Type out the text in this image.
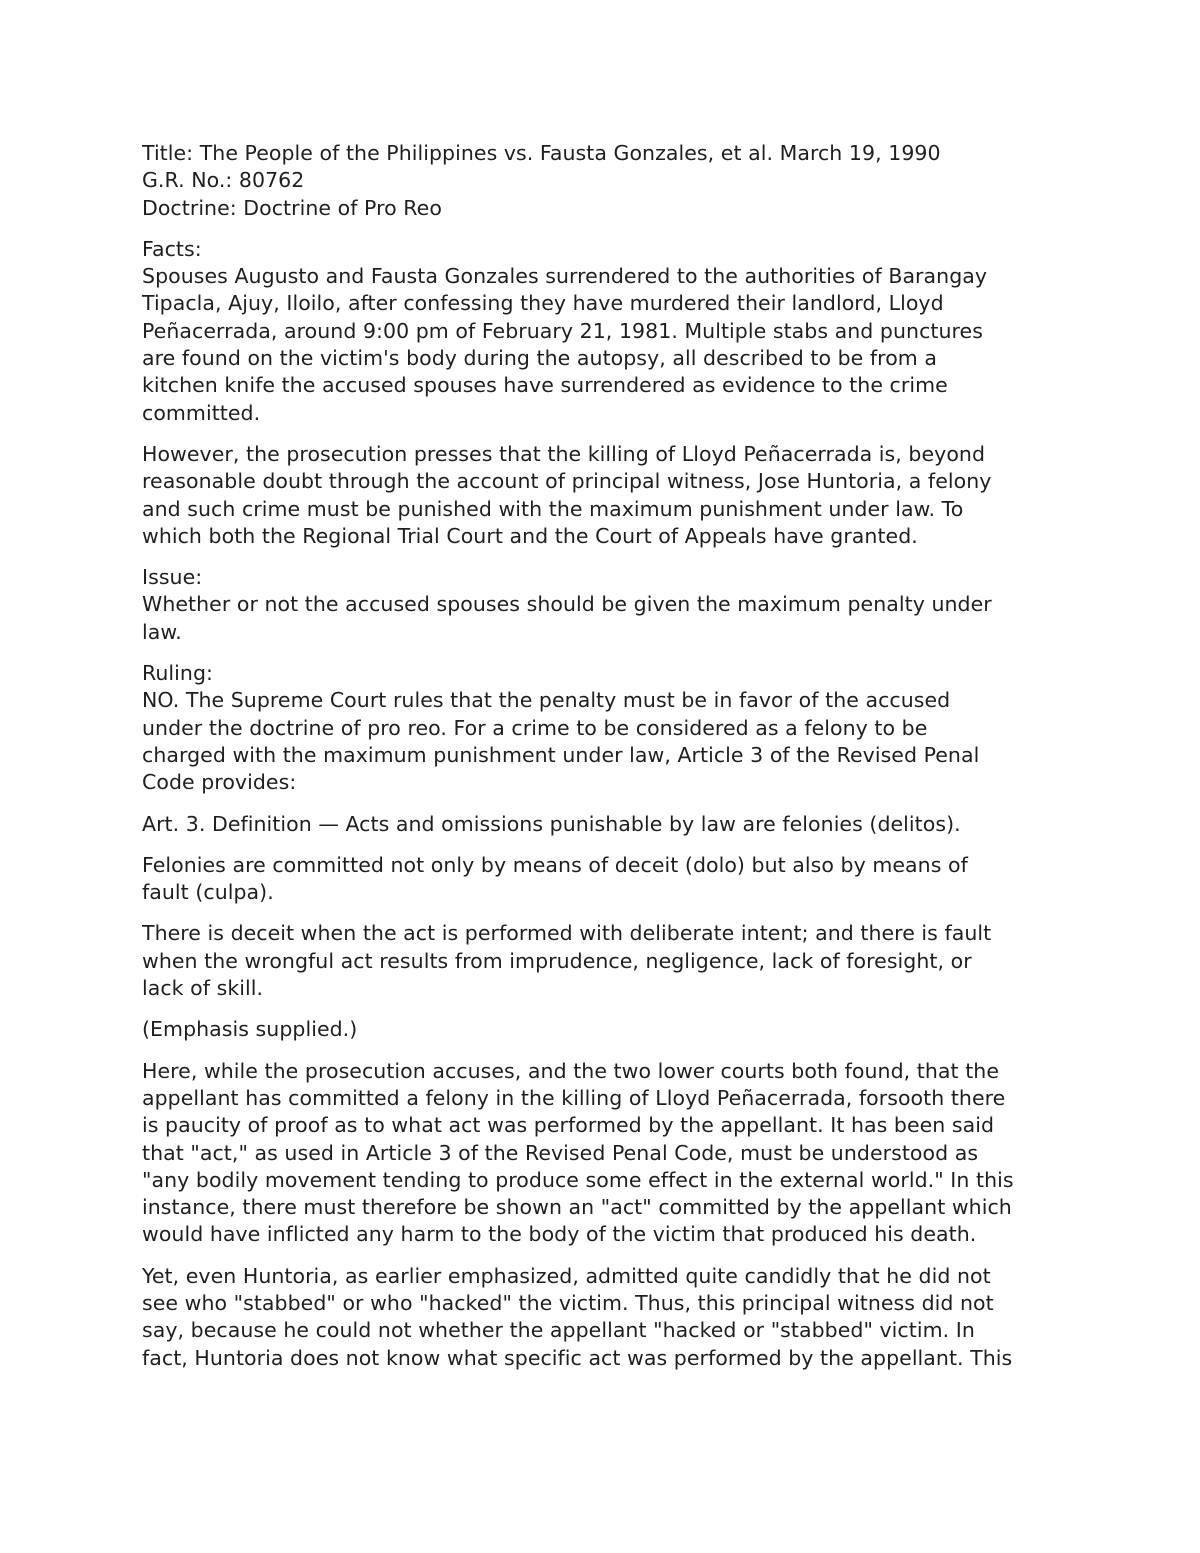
Title: The People of the Philippines vs. Fausta Gonzales, et al. March 19, 1990
G.R. No.: 80762
Doctrine: Doctrine of Pro Reo
Facts:
Spouses Augusto and Fausta Gonzales surrendered to the authorities of Barangay
Tipacla, Ajuy, Iloilo, after confessing they have murdered their landlord, Lloyd
Peñacerrada, around 9:00 pm of February 21, 1981. Multiple stabs and punctures
are found on the victim's body during the autopsy, all described to be from a
kitchen knife the accused spouses have surrendered as evidence to the crime
committed.
However, the prosecution presses that the killing of Lloyd Peñacerrada is, beyond
reasonable doubt through the account of principal witness, Jose Huntoria, a felony
and such crime must be punished with the maximum punishment under law. To
which both the Regional Trial Court and the Court of Appeals have granted.
Issue:
Whether or not the accused spouses should be given the maximum penalty under
law.
Ruling:
NO. The Supreme Court rules that the penalty must be in favor of the accused
under the doctrine of pro reo. For a crime to be considered as a felony to be
charged with the maximum punishment under law, Article 3 of the Revised Penal
Code provides:
Art. 3. Definition — Acts and omissions punishable by law are felonies (delitos).
Felonies are committed not only by means of deceit (dolo) but also by means of
fault (culpa).
There is deceit when the act is performed with deliberate intent; and there is fault
when the wrongful act results from imprudence, negligence, lack of foresight, or
lack of skill.
(Emphasis supplied.)
Here, while the prosecution accuses, and the two lower courts both found, that the
appellant has committed a felony in the killing of Lloyd Peñacerrada, forsooth there
is paucity of proof as to what act was performed by the appellant. It has been said
that "act," as used in Article 3 of the Revised Penal Code, must be understood as
"any bodily movement tending to produce some effect in the external world." In this
instance, there must therefore be shown an "act" committed by the appellant which
would have inflicted any harm to the body of the victim that produced his death.
Yet, even Huntoria, as earlier emphasized, admitted quite candidly that he did not
see who "stabbed" or who "hacked" the victim. Thus, this principal witness did not
say, because he could not whether the appellant "hacked or "stabbed" victim. In
fact, Huntoria does not know what specific act was performed by the appellant. This
